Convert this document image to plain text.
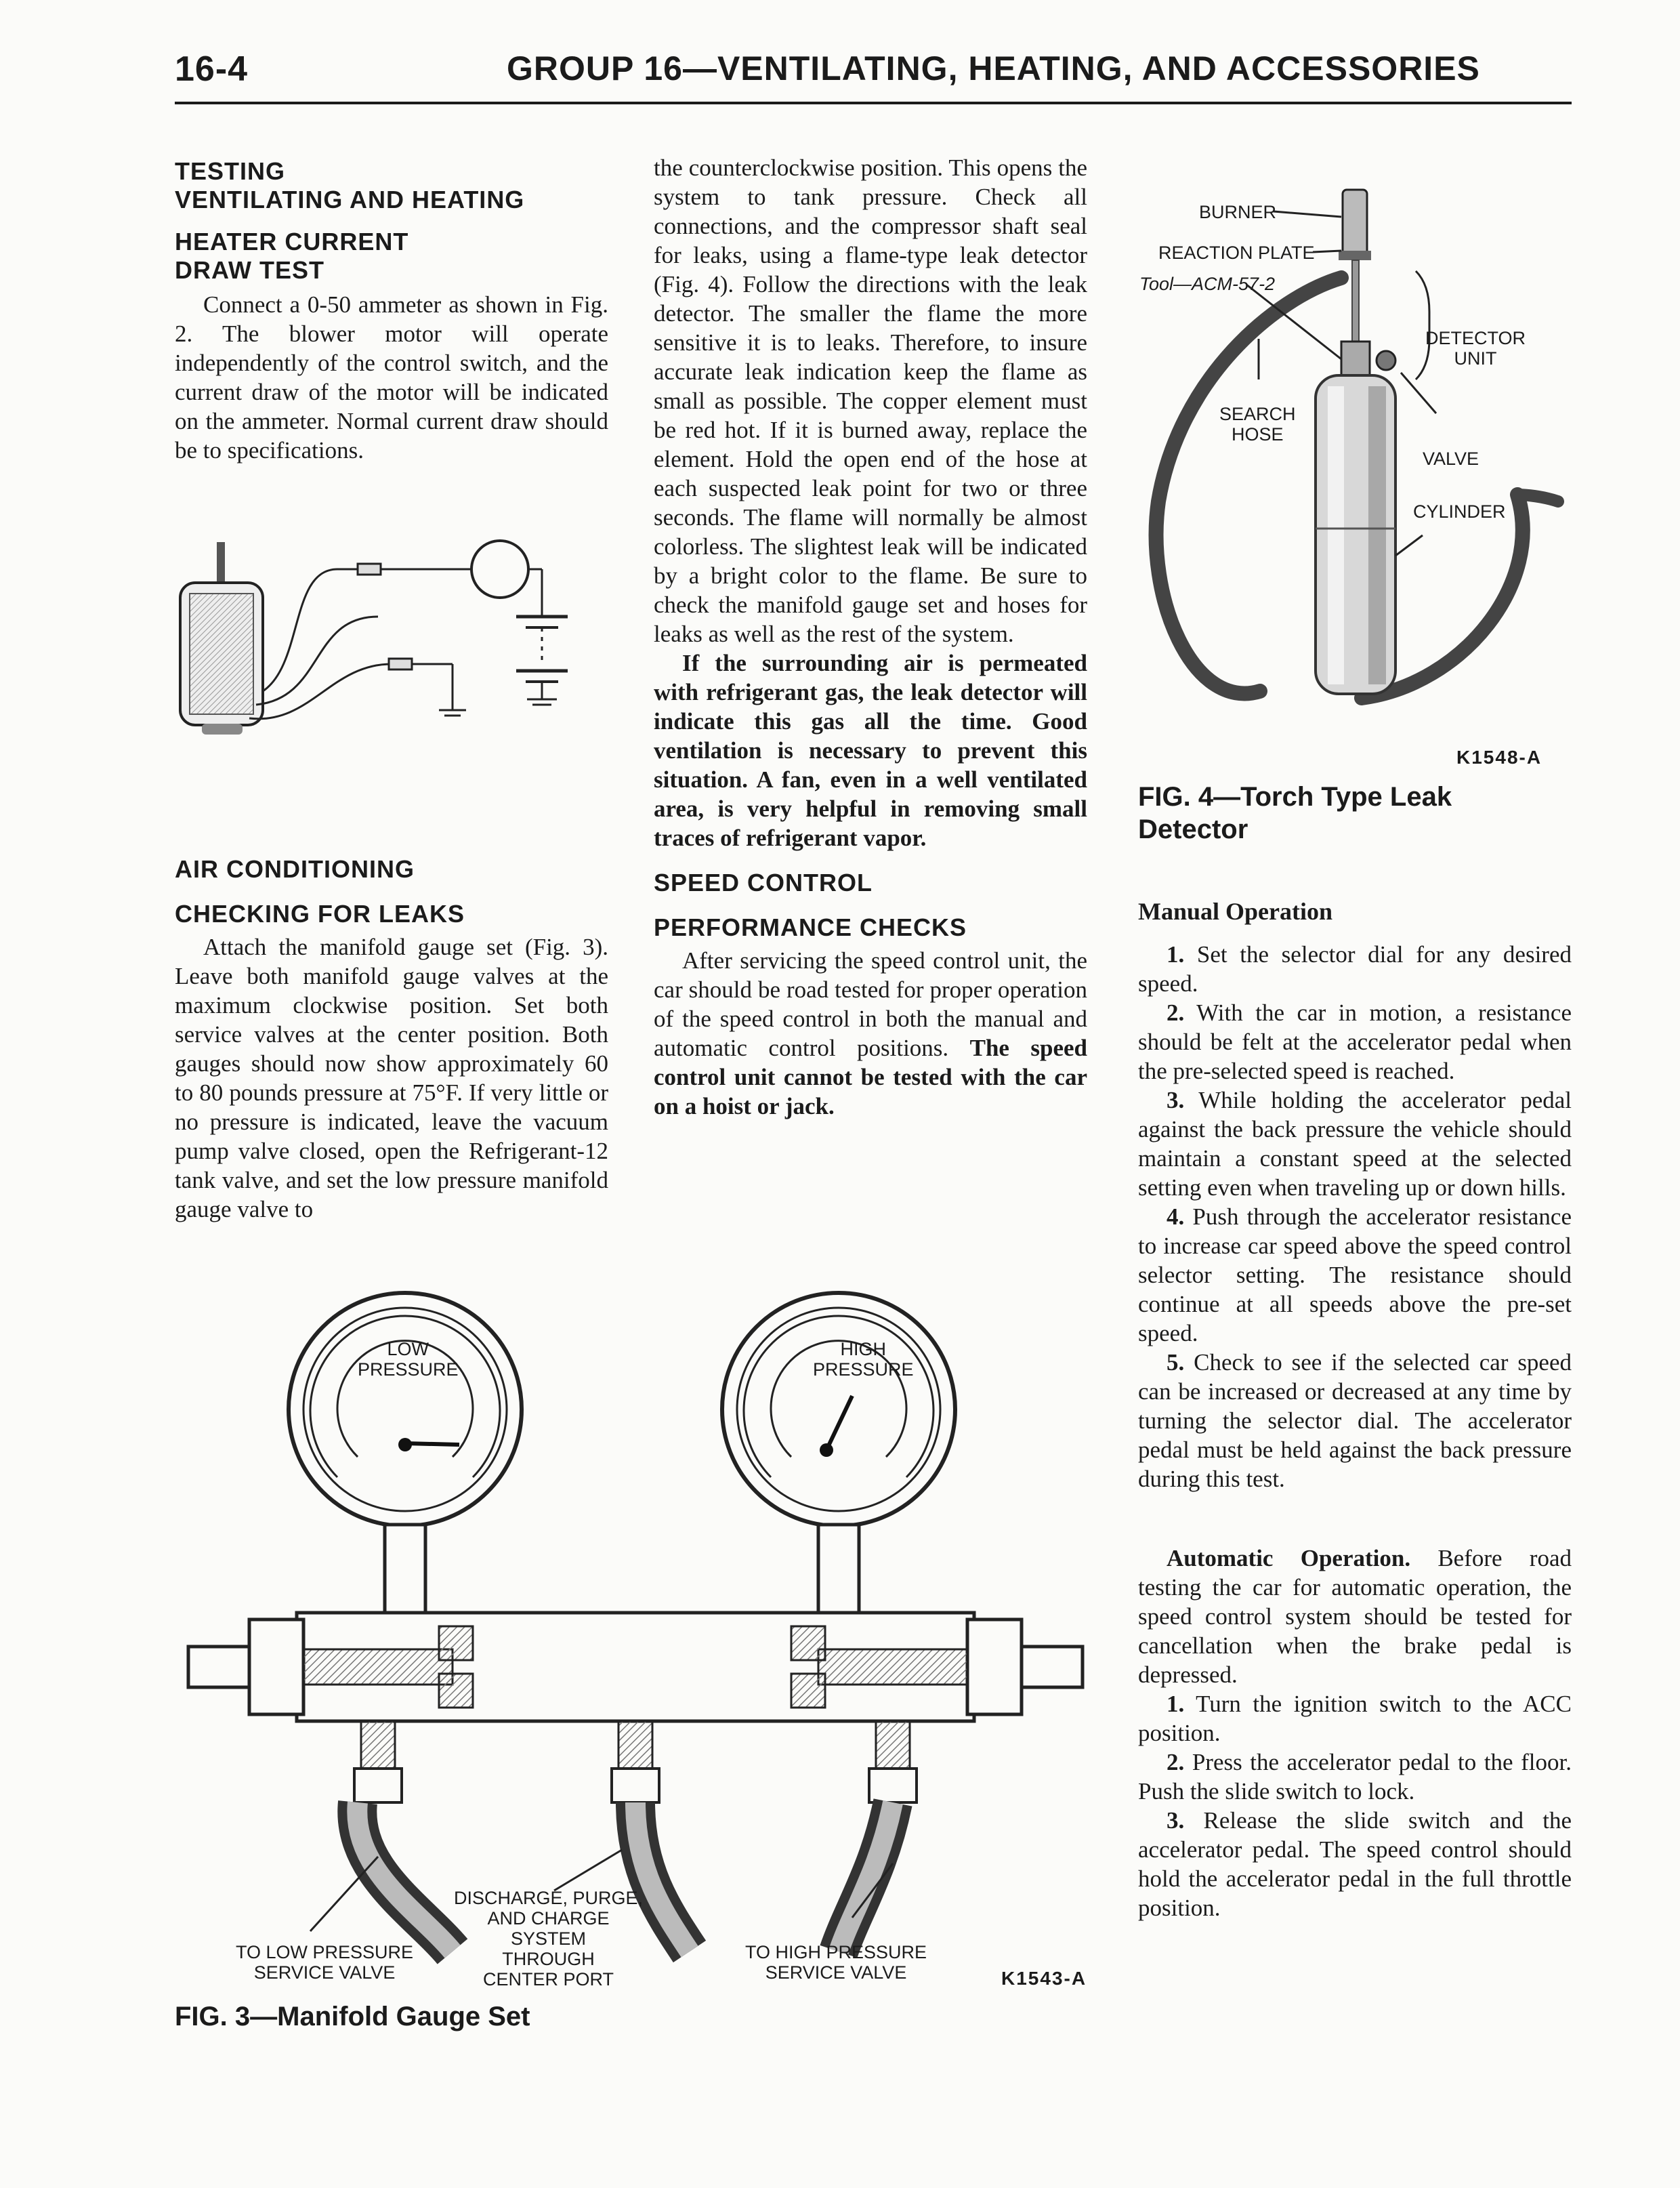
16-4	GROUP 16—VENTILATING, HEATING, AND ACCESSORIES
TESTING
VENTILATING AND HEATING
HEATER CURRENT
DRAW TEST

Connect a 0-50 ammeter as shown in Fig. 2. The blower motor will operate independently of the control switch, and the current draw of the motor will be indicated on the ammeter. Normal current draw should be to specifications.

AIR CONDITIONING
CHECKING FOR LEAKS

Attach the manifold gauge set (Fig. 3). Leave both manifold gauge valves at the maximum clockwise position. Set both service valves at the center position. Both gauges should now show approximately 60 to 80 pounds pressure at 75°F. If very little or no pressure is indicated, leave the vacuum pump valve closed, open the Refrigerant-12 tank valve, and set the low pressure manifold gauge valve to

the counterclockwise position. This opens the system to tank pressure. Check all connections, and the compressor shaft seal for leaks, using a flame-type leak detector (Fig. 4). Follow the directions with the leak detector. The smaller the flame the more sensitive it is to leaks. Therefore, to insure accurate leak indication keep the flame as small as possible. The copper element must be red hot. If it is burned away, replace the element. Hold the open end of the hose at each suspected leak point for two or three seconds. The flame will normally be almost colorless. The slightest leak will be indicated by a bright color to the flame. Be sure to check the manifold gauge set and hoses for leaks as well as the rest of the system.

If the surrounding air is permeated with refrigerant gas, the leak detector will indicate this gas all the time. Good ventilation is necessary to prevent this situation. A fan, even in a well ventilated area, is very helpful in removing small traces of refrigerant vapor.

SPEED CONTROL
PERFORMANCE CHECKS

After servicing the speed control unit, the car should be road tested for proper operation of the speed control in both the manual and automatic control positions. The speed control unit cannot be tested with the car on a hoist or jack.

BURNER
REACTION PLATE
Tool—ACM-57-2
DETECTOR
UNIT
SEARCH
HOSE
VALVE
CYLINDER
K1548-A
FIG. 4—Torch Type Leak
Detector
Manual Operation

1. Set the selector dial for any desired speed.

2. With the car in motion, a resistance should be felt at the accelerator pedal when the pre-selected speed is reached.

3. While holding the accelerator pedal against the back pressure the vehicle should maintain a constant speed at the selected setting even when traveling up or down hills.

4. Push through the accelerator resistance to increase car speed above the speed control selector setting. The resistance should continue at all speeds above the pre-set speed.

5. Check to see if the selected car speed can be increased or decreased at any time by turning the selector dial. The accelerator pedal must be held against the back pressure during this test.

Automatic Operation. Before road testing the car for automatic operation, the speed control system should be tested for cancellation when the brake pedal is depressed.

1. Turn the ignition switch to the ACC position.

2. Press the accelerator pedal to the floor. Push the slide switch to lock.

3. Release the slide switch and the accelerator pedal. The speed control should hold the accelerator pedal in the full throttle position.

LOW
PRESSURE
HIGH
PRESSURE
TO LOW PRESSURE
SERVICE VALVE
DISCHARGE, PURGE,
AND CHARGE
SYSTEM
THROUGH
CENTER PORT
TO HIGH PRESSURE
SERVICE VALVE	K1543-A
FIG. 3—Manifold Gauge Set
